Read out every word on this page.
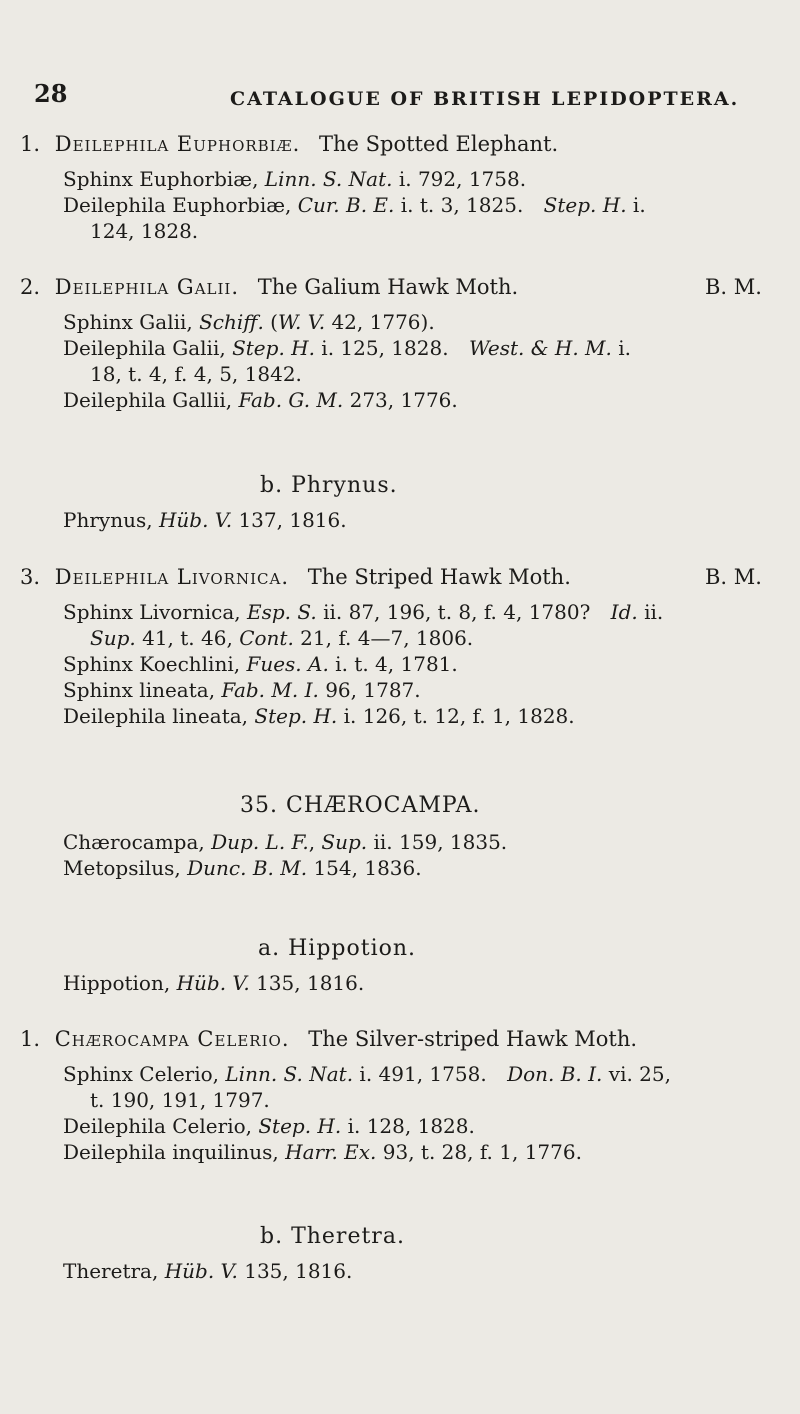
28	CATALOGUE OF BRITISH LEPIDOPTERA.
1. Deilephila Euphorbiæ. The Spotted Elephant.
Sphinx Euphorbiæ, Linn. S. Nat. i. 792, 1758.
Deilephila Euphorbiæ, Cur. B. E. i. t. 3, 1825. Step. H. i.
124, 1828.
2. Deilephila Galii. The Galium Hawk Moth.	B. M.
Sphinx Galii, Schiff. (W. V. 42, 1776).
Deilephila Galii, Step. H. i. 125, 1828. West. & H. M. i.
18, t. 4, f. 4, 5, 1842.
Deilephila Gallii, Fab. G. M. 273, 1776.
b. Phrynus.
Phrynus, Hüb. V. 137, 1816.
3. Deilephila Livornica. The Striped Hawk Moth.	B. M.
Sphinx Livornica, Esp. S. ii. 87, 196, t. 8, f. 4, 1780? Id. ii.
Sup. 41, t. 46, Cont. 21, f. 4—7, 1806.
Sphinx Koechlini, Fues. A. i. t. 4, 1781.
Sphinx lineata, Fab. M. I. 96, 1787.
Deilephila lineata, Step. H. i. 126, t. 12, f. 1, 1828.
35. CHÆROCAMPA.
Chærocampa, Dup. L. F., Sup. ii. 159, 1835.
Metopsilus, Dunc. B. M. 154, 1836.
a. Hippotion.
Hippotion, Hüb. V. 135, 1816.
1. Chærocampa Celerio. The Silver-striped Hawk Moth.
Sphinx Celerio, Linn. S. Nat. i. 491, 1758. Don. B. I. vi. 25,
t. 190, 191, 1797.
Deilephila Celerio, Step. H. i. 128, 1828.
Deilephila inquilinus, Harr. Ex. 93, t. 28, f. 1, 1776.
b. Theretra.
Theretra, Hüb. V. 135, 1816.
